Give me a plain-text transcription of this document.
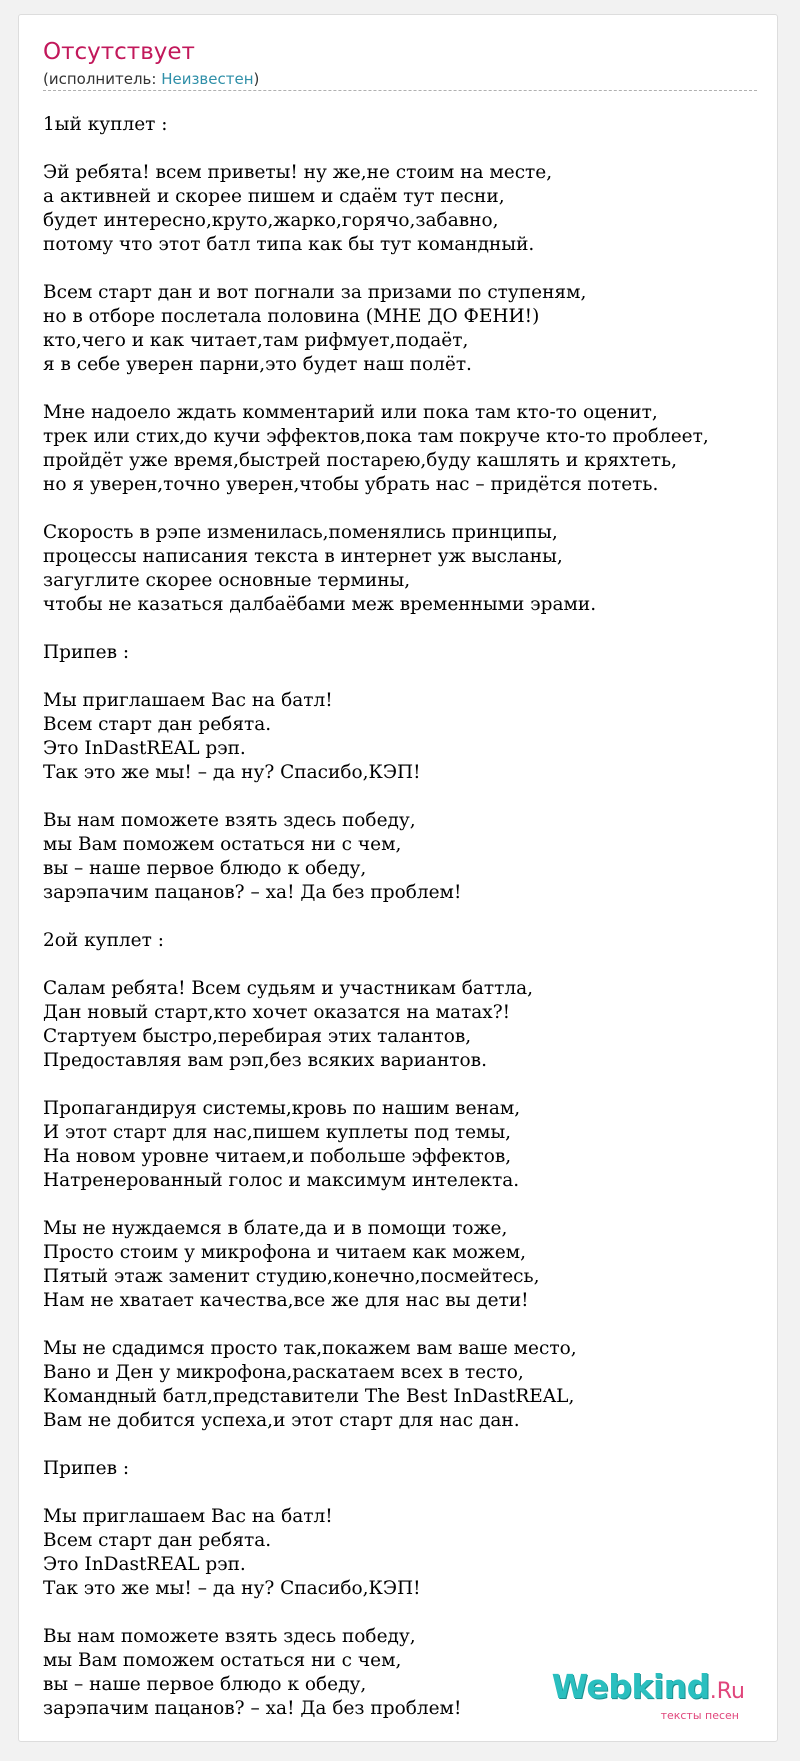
Отсутствует
(исполнитель: Неизвестен)
1ый куплет :

Эй ребята! всем приветы! ну же,не стоим на месте,
а активней и скорее пишем и сдаём тут песни,
будет интересно,круто,жарко,горячо,забавно,
потому что этот батл типа как бы тут командный.

Всем старт дан и вот погнали за призами по ступеням,
но в отборе послетала половина (МНЕ ДО ФЕНИ!)
кто,чего и как читает,там рифмует,подаёт,
я в себе уверен парни,это будет наш полёт.

Мне надоело ждать комментарий или пока там кто-то оценит,
трек или стих,до кучи эффектов,пока там покруче кто-то проблеет,
пройдёт уже время,быстрей постарею,буду кашлять и кряхтеть,
но я уверен,точно уверен,чтобы убрать нас – придётся потеть.

Скорость в рэпе изменилась,поменялись принципы,
процессы написания текста в интернет уж высланы,
загуглите скорее основные термины,
чтобы не казаться далбаёбами меж временными эрами.

Припев :

Мы приглашаем Вас на батл!
Всем старт дан ребята.
Это InDastREAL рэп.
Так это же мы! – да ну? Спасибо,КЭП!

Вы нам поможете взять здесь победу,
мы Вам поможем остаться ни с чем,
вы – наше первое блюдо к обеду,
зарэпачим пацанов? – ха! Да без проблем!

2ой куплет :

Салам ребята! Всем судьям и участникам баттла,
Дан новый старт,кто хочет оказатся на матах?!
Стартуем быстро,перебирая этих талантов,
Предоставляя вам рэп,без всяких вариантов.

Пропагандируя системы,кровь по нашим венам,
И этот старт для нас,пишем куплеты под темы,
На новом уровне читаем,и побольше эффектов,
Натренерованный голос и максимум интелекта.

Мы не нуждаемся в блате,да и в помощи тоже,
Просто стоим у микрофона и читаем как можем,
Пятый этаж заменит студию,конечно,посмейтесь,
Нам не хватает качества,все же для нас вы дети!

Мы не сдадимся просто так,покажем вам ваше место,
Вано и Ден у микрофона,раскатаем всех в тесто,
Командный батл,представители The Best InDastREAL,
Вам не добится успеха,и этот старт для нас дан.

Припев :

Мы приглашаем Вас на батл!
Всем старт дан ребята.
Это InDastREAL рэп.
Так это же мы! – да ну? Спасибо,КЭП!

Вы нам поможете взять здесь победу,
мы Вам поможем остаться ни с чем,
вы – наше первое блюдо к обеду,
зарэпачим пацанов? – ха! Да без проблем!
Webkind.Ru
тексты песен
